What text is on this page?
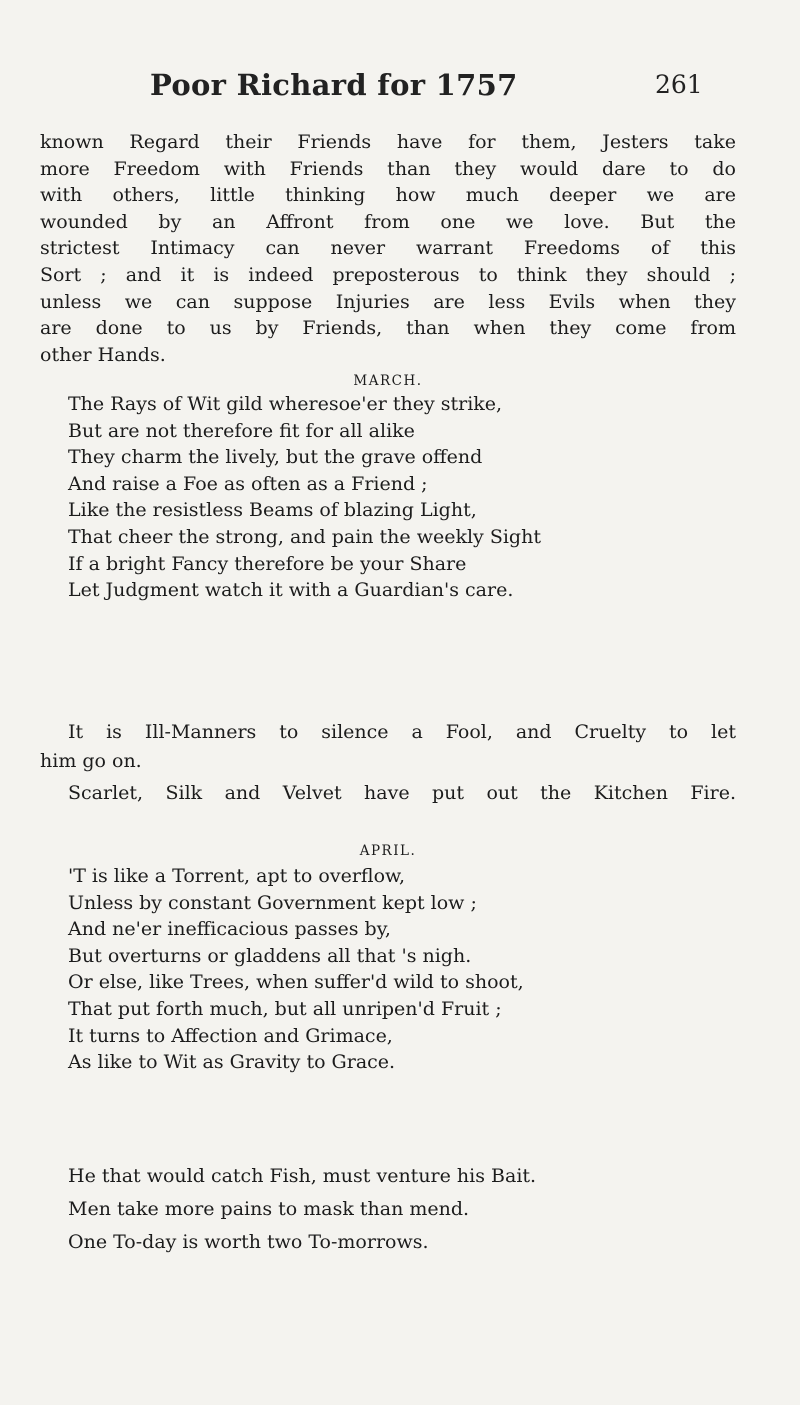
Poor Richard for 1757	261
known Regard their Friends have for them, Jesters take
more Freedom with Friends than they would dare to do
with others, little thinking how much deeper we are
wounded by an Affront from one we love. But the
strictest Intimacy can never warrant Freedoms of this
Sort ; and it is indeed preposterous to think they should ;
unless we can suppose Injuries are less Evils when they
are done to us by Friends, than when they come from
other Hands.
MARCH.
The Rays of Wit gild wheresoe'er they strike,
But are not therefore fit for all alike
They charm the lively, but the grave offend
And raise a Foe as often as a Friend ;
Like the resistless Beams of blazing Light,
That cheer the strong, and pain the weekly Sight
If a bright Fancy therefore be your Share
Let Judgment watch it with a Guardian's care.
It is Ill-Manners to silence a Fool, and Cruelty to let
him go on.
Scarlet, Silk and Velvet have put out the Kitchen Fire.
APRIL.
'T is like a Torrent, apt to overflow,
Unless by constant Government kept low ;
And ne'er inefficacious passes by,
But overturns or gladdens all that 's nigh.
Or else, like Trees, when suffer'd wild to shoot,
That put forth much, but all unripen'd Fruit ;
It turns to Affection and Grimace,
As like to Wit as Gravity to Grace.
He that would catch Fish, must venture his Bait.
Men take more pains to mask than mend.
One To-day is worth two To-morrows.
